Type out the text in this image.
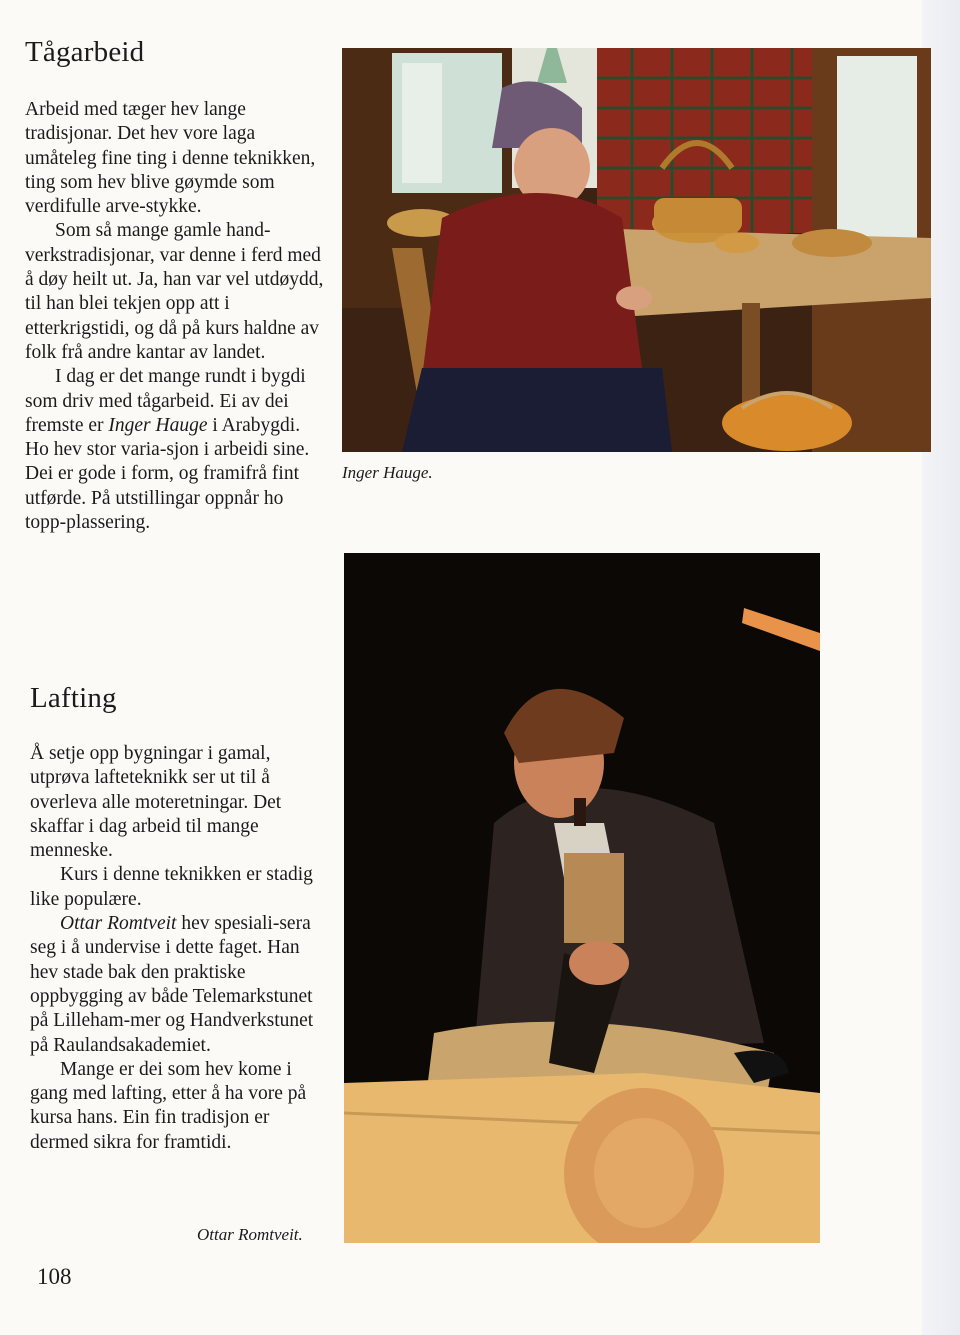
Tågarbeid

Arbeid med tæger hev lange tradisjonar. Det hev vore laga umåteleg fine ting i denne teknikken, ting som hev blive gøymde som verdifulle arve-stykke.

Som så mange gamle hand-verkstradisjonar, var denne i ferd med å døy heilt ut. Ja, han var vel utdøydd, til han blei tekjen opp att i etterkrigstidi, og då på kurs haldne av folk frå andre kantar av landet.

I dag er det mange rundt i bygdi som driv med tågarbeid. Ei av dei fremste er Inger Hauge i Arabygdi. Ho hev stor varia-sjon i arbeidi sine. Dei er gode i form, og framifrå fint utførde. På utstillingar oppnår ho topp-plassering.

Lafting

Å setje opp bygningar i gamal, utprøva lafteteknikk ser ut til å overleva alle moteretningar. Det skaffar i dag arbeid til mange menneske.

Kurs i denne teknikken er stadig like populære.

Ottar Romtveit hev spesiali-sera seg i å undervise i dette faget. Han hev stade bak den praktiske oppbygging av både Telemarkstunet på Lilleham-mer og Handverkstunet på Raulandsakademiet.

Mange er dei som hev kome i gang med lafting, etter å ha vore på kursa hans. Ein fin tradisjon er dermed sikra for framtidi.

Inger Hauge.
Ottar Romtveit.
108
